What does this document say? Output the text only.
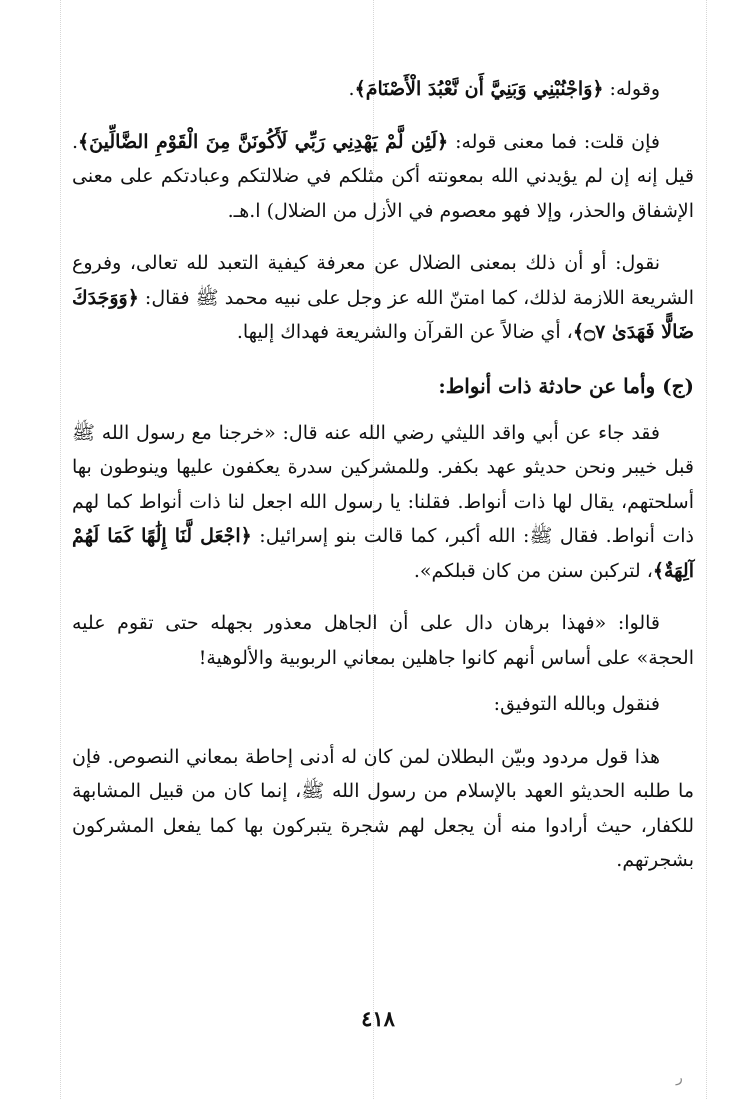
وقوله: ﴿وَاجْنُبْنِي وَبَنِيَّ أَن نَّعْبُدَ الْأَصْنَامَ﴾.

فإن قلت: فما معنى قوله: ﴿لَئِن لَّمْ يَهْدِنِي رَبِّي لَأَكُونَنَّ مِنَ الْقَوْمِ الضَّالِّينَ﴾. قيل إنه إن لم يؤيدني الله بمعونته أكن مثلكم في ضلالتكم وعبادتكم على معنى الإشفاق والحذر، وإلا فهو معصوم في الأزل من الضلال) ا.هـ.

نقول: أو أن ذلك بمعنى الضلال عن معرفة كيفية التعبد لله تعالى، وفروع الشريعة اللازمة لذلك، كما امتنّ الله عز وجل على نبيه محمد ﷺ فقال: ﴿وَوَجَدَكَ ضَالًّا فَهَدَىٰ ۝٧﴾، أي ضالاً عن القرآن والشريعة فهداك إليها.

(ج) وأما عن حادثة ذات أنواط:

فقد جاء عن أبي واقد الليثي رضي الله عنه قال: «خرجنا مع رسول الله ﷺ قبل خيبر ونحن حديثو عهد بكفر. وللمشركين سدرة يعكفون عليها وينوطون بها أسلحتهم، يقال لها ذات أنواط. فقلنا: يا رسول الله اجعل لنا ذات أنواط كما لهم ذات أنواط. فقال ﷺ: الله أكبر، كما قالت بنو إسرائيل: ﴿اجْعَل لَّنَا إِلَٰهًا كَمَا لَهُمْ آلِهَةٌ﴾، لتركبن سنن من كان قبلكم».

قالوا: «فهذا برهان دال على أن الجاهل معذور بجهله حتى تقوم عليه الحجة» على أساس أنهم كانوا جاهلين بمعاني الربوبية والألوهية!

فنقول وبالله التوفيق:

هذا قول مردود وبيّن البطلان لمن كان له أدنى إحاطة بمعاني النصوص. فإن ما طلبه الحديثو العهد بالإسلام من رسول الله ﷺ، إنما كان من قبيل المشابهة للكفار، حيث أرادوا منه أن يجعل لهم شجرة يتبركون بها كما يفعل المشركون بشجرتهم.

٤١٨
ر
